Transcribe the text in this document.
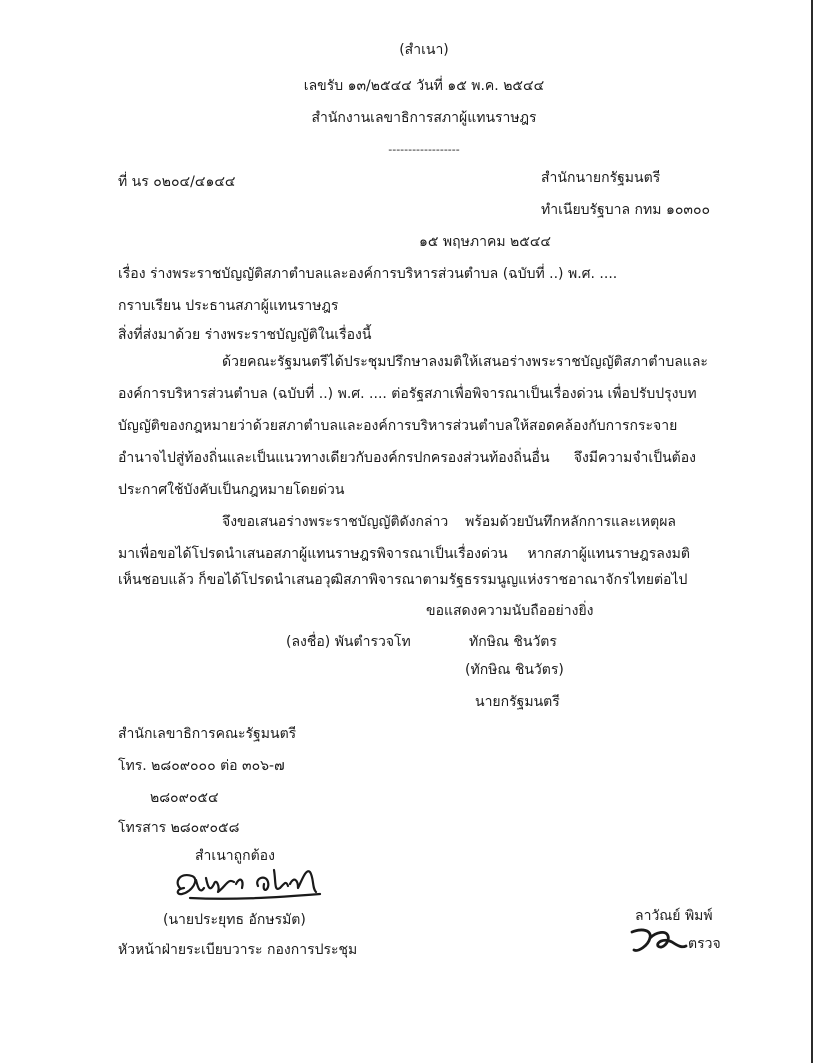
(สำเนา)
เลขรับ ๑๓/๒๕๔๔ วันที่ ๑๕ พ.ค. ๒๕๔๔
สำนักงานเลขาธิการสภาผู้แทนราษฎร
------------------
ที่ นร ๐๒๐๔/๔๑๔๔	สำนักนายกรัฐมนตรี
ทำเนียบรัฐบาล กทม ๑๐๓๐๐
๑๕ พฤษภาคม ๒๕๔๔
เรื่อง ร่างพระราชบัญญัติสภาตำบลและองค์การบริหารส่วนตำบล (ฉบับที่ ..) พ.ศ. ....
กราบเรียน ประธานสภาผู้แทนราษฎร
สิ่งที่ส่งมาด้วย ร่างพระราชบัญญัติในเรื่องนี้
ด้วยคณะรัฐมนตรีได้ประชุมปรึกษาลงมติให้เสนอร่างพระราชบัญญัติสภาตำบลและ
องค์การบริหารส่วนตำบล (ฉบับที่ ..) พ.ศ. .... ต่อรัฐสภาเพื่อพิจารณาเป็นเรื่องด่วน เพื่อปรับปรุงบท
บัญญัติของกฎหมายว่าด้วยสภาตำบลและองค์การบริหารส่วนตำบลให้สอดคล้องกับการกระจาย
อำนาจไปสู่ท้องถิ่นและเป็นแนวทางเดียวกับองค์กรปกครองส่วนท้องถิ่นอื่น จึงมีความจำเป็นต้อง
ประกาศใช้บังคับเป็นกฎหมายโดยด่วน
จึงขอเสนอร่างพระราชบัญญัติดังกล่าว พร้อมด้วยบันทึกหลักการและเหตุผล
มาเพื่อขอได้โปรดนำเสนอสภาผู้แทนราษฎรพิจารณาเป็นเรื่องด่วน หากสภาผู้แทนราษฎรลงมติ
เห็นชอบแล้ว ก็ขอได้โปรดนำเสนอวุฒิสภาพิจารณาตามรัฐธรรมนูญแห่งราชอาณาจักรไทยต่อไป
ขอแสดงความนับถืออย่างยิ่ง
(ลงชื่อ) พันตำรวจโท	ทักษิณ ชินวัตร
(ทักษิณ ชินวัตร)
นายกรัฐมนตรี
สำนักเลขาธิการคณะรัฐมนตรี
โทร. ๒๘๐๙๐๐๐ ต่อ ๓๐๖-๗
๒๘๐๙๐๕๔
โทรสาร ๒๘๐๙๐๕๘
สำเนาถูกต้อง
(นายประยุทธ อักษรมัต)
หัวหน้าฝ่ายระเบียบวาระ กองการประชุม
ลาวัณย์ พิมพ์
ตรวจ
